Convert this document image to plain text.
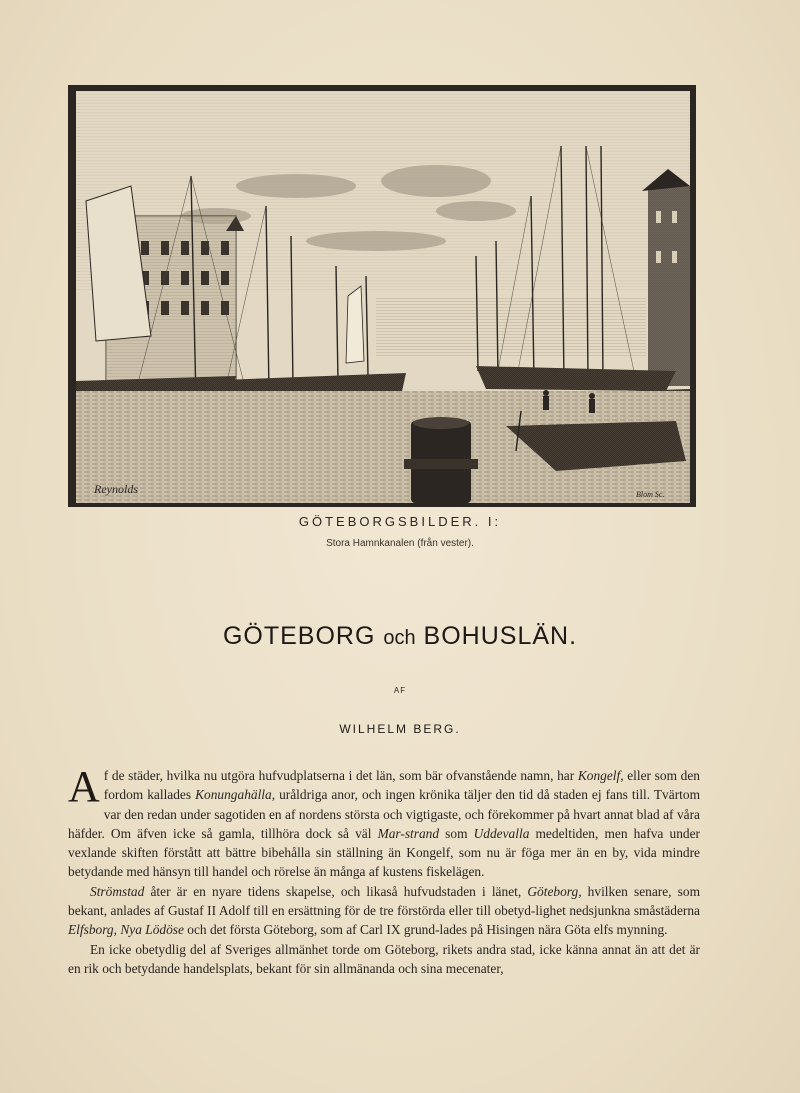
Reynolds	Blom Sc.
GÖTEBORGSBILDER. I:
Stora Hamnkanalen (från vester).
GÖTEBORG och BOHUSLÄN.
AF
WILHELM BERG.

Af de städer, hvilka nu utgöra hufvudplatserna i det län, som bär ofvanstående namn, har Kongelf, eller som den fordom kallades Konungahälla, uråldriga anor, och ingen krönika täljer den tid då staden ej fans till. Tvärtom var den redan under sagotiden en af nordens största och vigtigaste, och förekommer på hvart annat blad af våra häfder. Om äfven icke så gamla, tillhöra dock så väl Mar-strand som Uddevalla medeltiden, men hafva under vexlande skiften förstått att bättre bibehålla sin ställning än Kongelf, som nu är föga mer än en by, vida mindre betydande med hänsyn till handel och rörelse än många af kustens fiskelägen.

Strömstad åter är en nyare tidens skapelse, och likaså hufvudstaden i länet, Göteborg, hvilken senare, som bekant, anlades af Gustaf II Adolf till en ersättning för de tre förstörda eller till obetyd-lighet nedsjunkna småstäderna Elfsborg, Nya Lödöse och det första Göteborg, som af Carl IX grund-lades på Hisingen nära Göta elfs mynning.

En icke obetydlig del af Sveriges allmänhet torde om Göteborg, rikets andra stad, icke känna annat än att det är en rik och betydande handelsplats, bekant för sin allmänanda och sina mecenater,
